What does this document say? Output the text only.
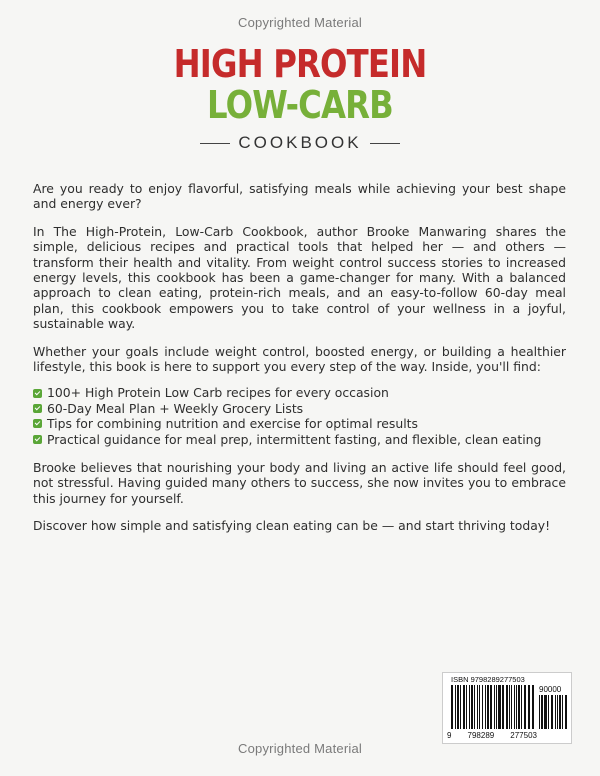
Copyrighted Material
HIGH PROTEIN
LOW-CARB
COOKBOOK

Are you ready to enjoy flavorful, satisfying meals while achieving your best shape and energy ever?

In The High-Protein, Low-Carb Cookbook, author Brooke Manwaring shares the simple, delicious recipes and practical tools that helped her — and others — transform their health and vitality. From weight control success stories to increased energy levels, this cookbook has been a game-changer for many. With a balanced approach to clean eating, protein-rich meals, and an easy-to-follow 60-day meal plan, this cookbook empowers you to take control of your wellness in a joyful, sustainable way.

Whether your goals include weight control, boosted energy, or building a healthier lifestyle, this book is here to support you every step of the way. Inside, you'll find:

100+ High Protein Low Carb recipes for every occasion
60-Day Meal Plan + Weekly Grocery Lists
Tips for combining nutrition and exercise for optimal results
Practical guidance for meal prep, intermittent fasting, and flexible, clean eating

Brooke believes that nourishing your body and living an active life should feel good, not stressful. Having guided many others to success, she now invites you to embrace this journey for yourself.

Discover how simple and satisfying clean eating can be — and start thriving today!

ISBN 9798289277503
90000
9 798289 277503
Copyrighted Material
